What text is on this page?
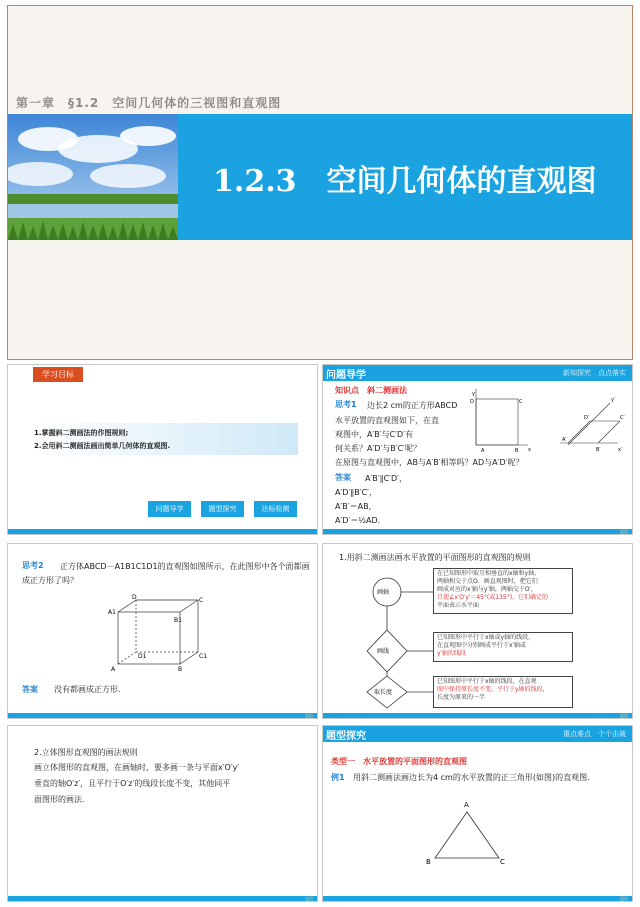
第一章　§1.2　空间几何体的三视图和直观图
1.2.3　空间几何体的直观图
学习目标
1.掌握斜二测画法的作图规则;
2.会用斜二测画法画出简单几何体的直观图.
问题导学	题型探究	达标检测
问题导学	新知探究　点点落实
知识点　斜二测画法
思考1 边长2 cm的正方形ABCD
水平放置的直观图如下，在直
观图中，A′B′与C′D′有
何关系？A′D′与B′C′呢？
在原图与直观图中，AB与A′B′相等吗？AD与A′D′呢？
答案 A′B′∥C′D′，
A′D′∥B′C′，
A′B′＝AB，
A′D′＝½AD.
y
D	C
A	B x
y′
D′	C′
A′
B′	x′
返回
思考2	正方体ABCD－A1B1C1D1的直观图如图所示，在此图形中各个面都画成正方形了吗？
D	C
A1
B1
A	B
D1	C1
答案 没有都画成正方形.
返回
1.用斜二测画法画水平放置的平面图形的直观图的规则
画轴
画线
取长度
在已知图形中取互相垂直的x轴和y轴，
两轴相交于点O．画直观图时，把它们
画成对应的x′轴与y′轴，两轴交于O′，
且使∠x′O′y′＝45°(或135°)，它们确定的
平面表示水平面
已知图形中平行于x轴或y轴的线段，
在直观图中分别画成平行于x′轴或
y′轴的线段
已知图形中平行于x轴的线段，在直观
图中保持原长度不变，平行于y轴的线段，
长度为原来的一半
返回
2.立体图形直观图的画法规则
画立体图形的直观图，在画轴时，要多画一条与平面x′O′y′
垂直的轴O′z′，且平行于O′z′的线段长度不变，其他同平
面图形的画法.
返回
题型探究	重点难点　个个击破
类型一　水平放置的平面图形的直观图
例1 用斜二测画法画边长为4 cm的水平放置的正三角形(如图)的直观图.
A
B	C
返回
